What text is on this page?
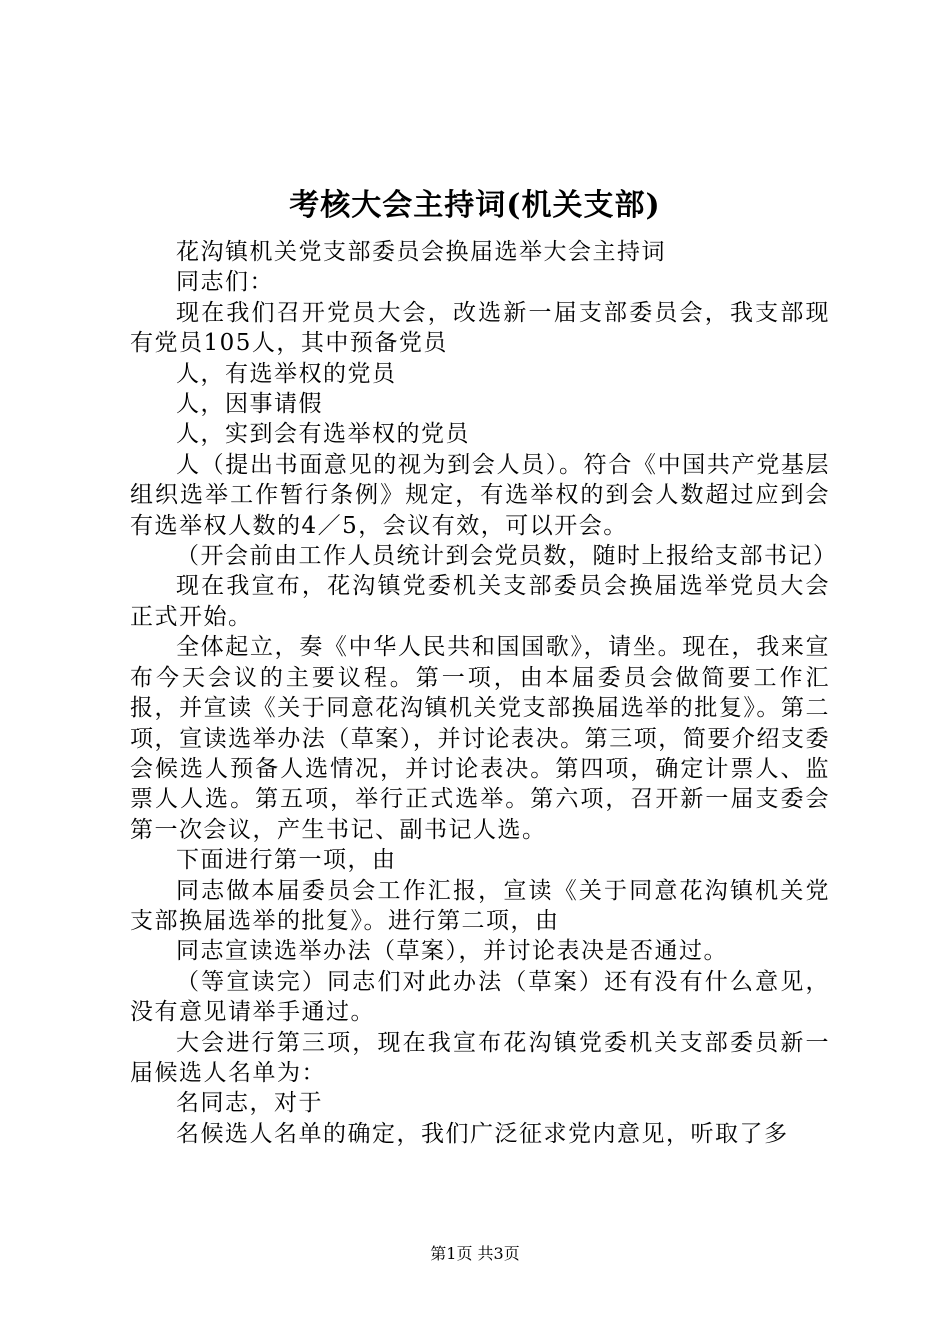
考核大会主持词(机关支部)

花沟镇机关党支部委员会换届选举大会主持词

同志们：

现在我们召开党员大会，改选新一届支部委员会，我支部现有党员105人，其中预备党员

人，有选举权的党员

人，因事请假

人，实到会有选举权的党员

人（提出书面意见的视为到会人员）。符合《中国共产党基层组织选举工作暂行条例》规定，有选举权的到会人数超过应到会有选举权人数的4／5，会议有效，可以开会。

（开会前由工作人员统计到会党员数，随时上报给支部书记）

现在我宣布，花沟镇党委机关支部委员会换届选举党员大会正式开始。

全体起立，奏《中华人民共和国国歌》，请坐。现在，我来宣布今天会议的主要议程。第一项，由本届委员会做简要工作汇报，并宣读《关于同意花沟镇机关党支部换届选举的批复》。第二项，宣读选举办法（草案），并讨论表决。第三项，简要介绍支委会候选人预备人选情况，并讨论表决。第四项，确定计票人、监票人人选。第五项，举行正式选举。第六项，召开新一届支委会第一次会议，产生书记、副书记人选。

下面进行第一项，由

同志做本届委员会工作汇报，宣读《关于同意花沟镇机关党支部换届选举的批复》。进行第二项，由

同志宣读选举办法（草案），并讨论表决是否通过。

（等宣读完）同志们对此办法（草案）还有没有什么意见，没有意见请举手通过。

大会进行第三项，现在我宣布花沟镇党委机关支部委员新一届候选人名单为：

名同志，对于

名候选人名单的确定，我们广泛征求党内意见，听取了多

第1页 共3页
